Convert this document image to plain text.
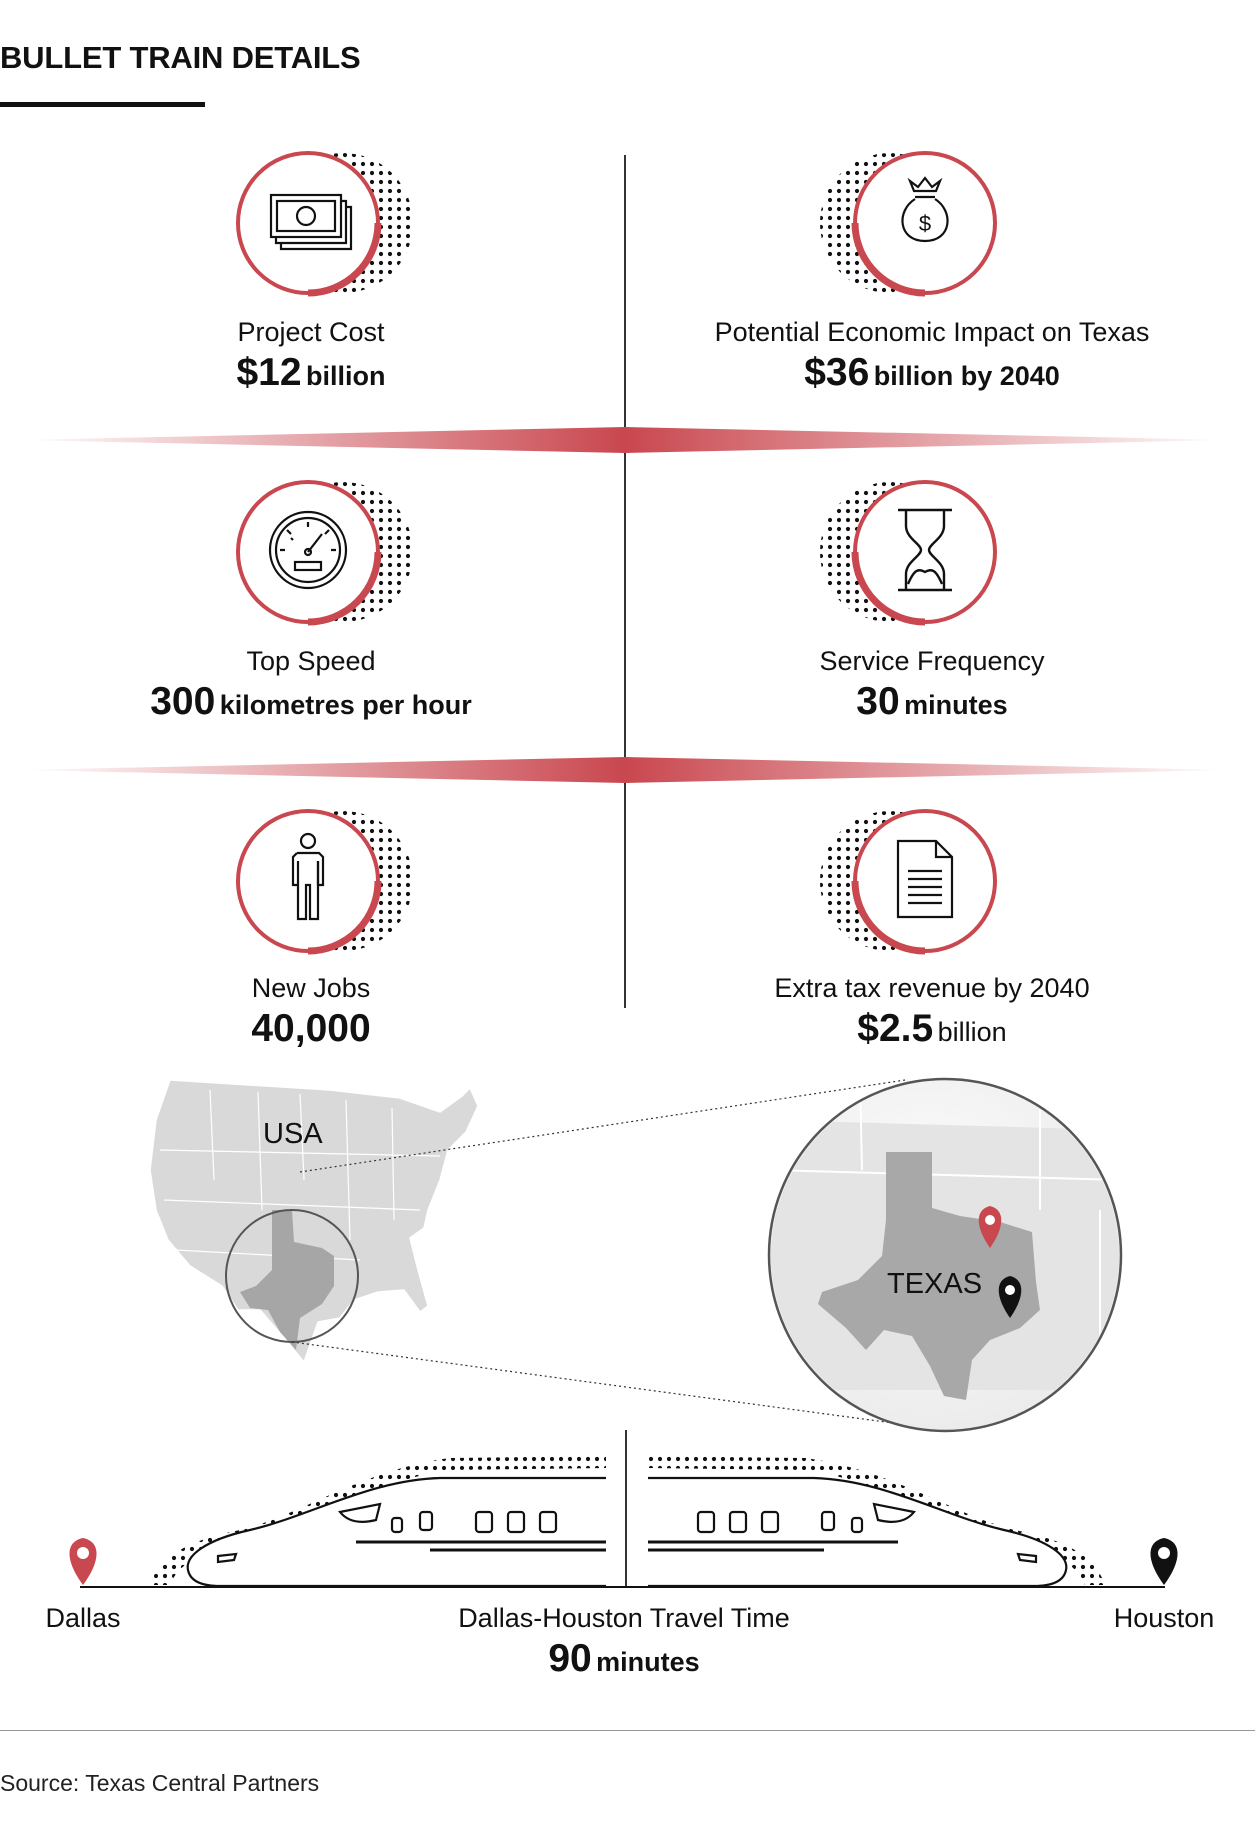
BULLET TRAIN DETAILS
Project Cost
$12 billion
$
Potential Economic Impact on Texas
$36 billion by 2040
Top Speed
300 kilometres per hour
Service Frequency
30 minutes
New Jobs
40,000
Extra tax revenue by 2040
$2.5 billion
USA
TEXAS
Dallas	Houston
Dallas-Houston Travel Time
90 minutes
Source: Texas Central Partners
